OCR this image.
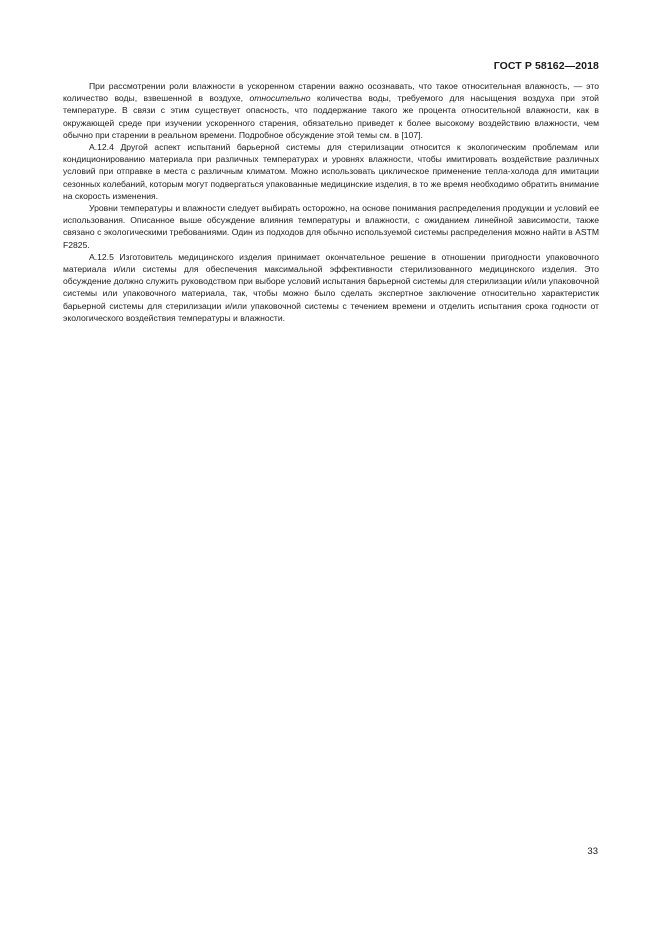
ГОСТ Р 58162—2018

При рассмотрении роли влажности в ускоренном старении важно осознавать, что такое относительная влажность, — это количество воды, взвешенной в воздухе, относительно количества воды, требуемого для насыщения воздуха при этой температуре. В связи с этим существует опасность, что поддержание такого же процента относительной влажности, как в окружающей среде при изучении ускоренного старения, обязательно приведет к более высокому воздействию влажности, чем обычно при старении в реальном времени. Подробное обсуждение этой темы см. в [107].

А.12.4 Другой аспект испытаний барьерной системы для стерилизации относится к экологическим проблемам или кондиционированию материала при различных температурах и уровнях влажности, чтобы имитировать воздействие различных условий при отправке в места с различным климатом. Можно использовать циклическое применение тепла-холода для имитации сезонных колебаний, которым могут подвергаться упакованные медицинские изделия, в то же время необходимо обратить внимание на скорость изменения.

Уровни температуры и влажности следует выбирать осторожно, на основе понимания распределения продукции и условий ее использования. Описанное выше обсуждение влияния температуры и влажности, с ожиданием линейной зависимости, также связано с экологическими требованиями. Один из подходов для обычно используемой системы распределения можно найти в ASTM F2825.

А.12.5 Изготовитель медицинского изделия принимает окончательное решение в отношении пригодности упаковочного материала и/или системы для обеспечения максимальной эффективности стерилизованного медицинского изделия. Это обсуждение должно служить руководством при выборе условий испытания барьерной системы для стерилизации и/или упаковочной системы или упаковочного материала, так, чтобы можно было сделать экспертное заключение относительно характеристик барьерной системы для стерилизации и/или упаковочной системы с течением времени и отделить испытания срока годности от экологического воздействия температуры и влажности.

33
